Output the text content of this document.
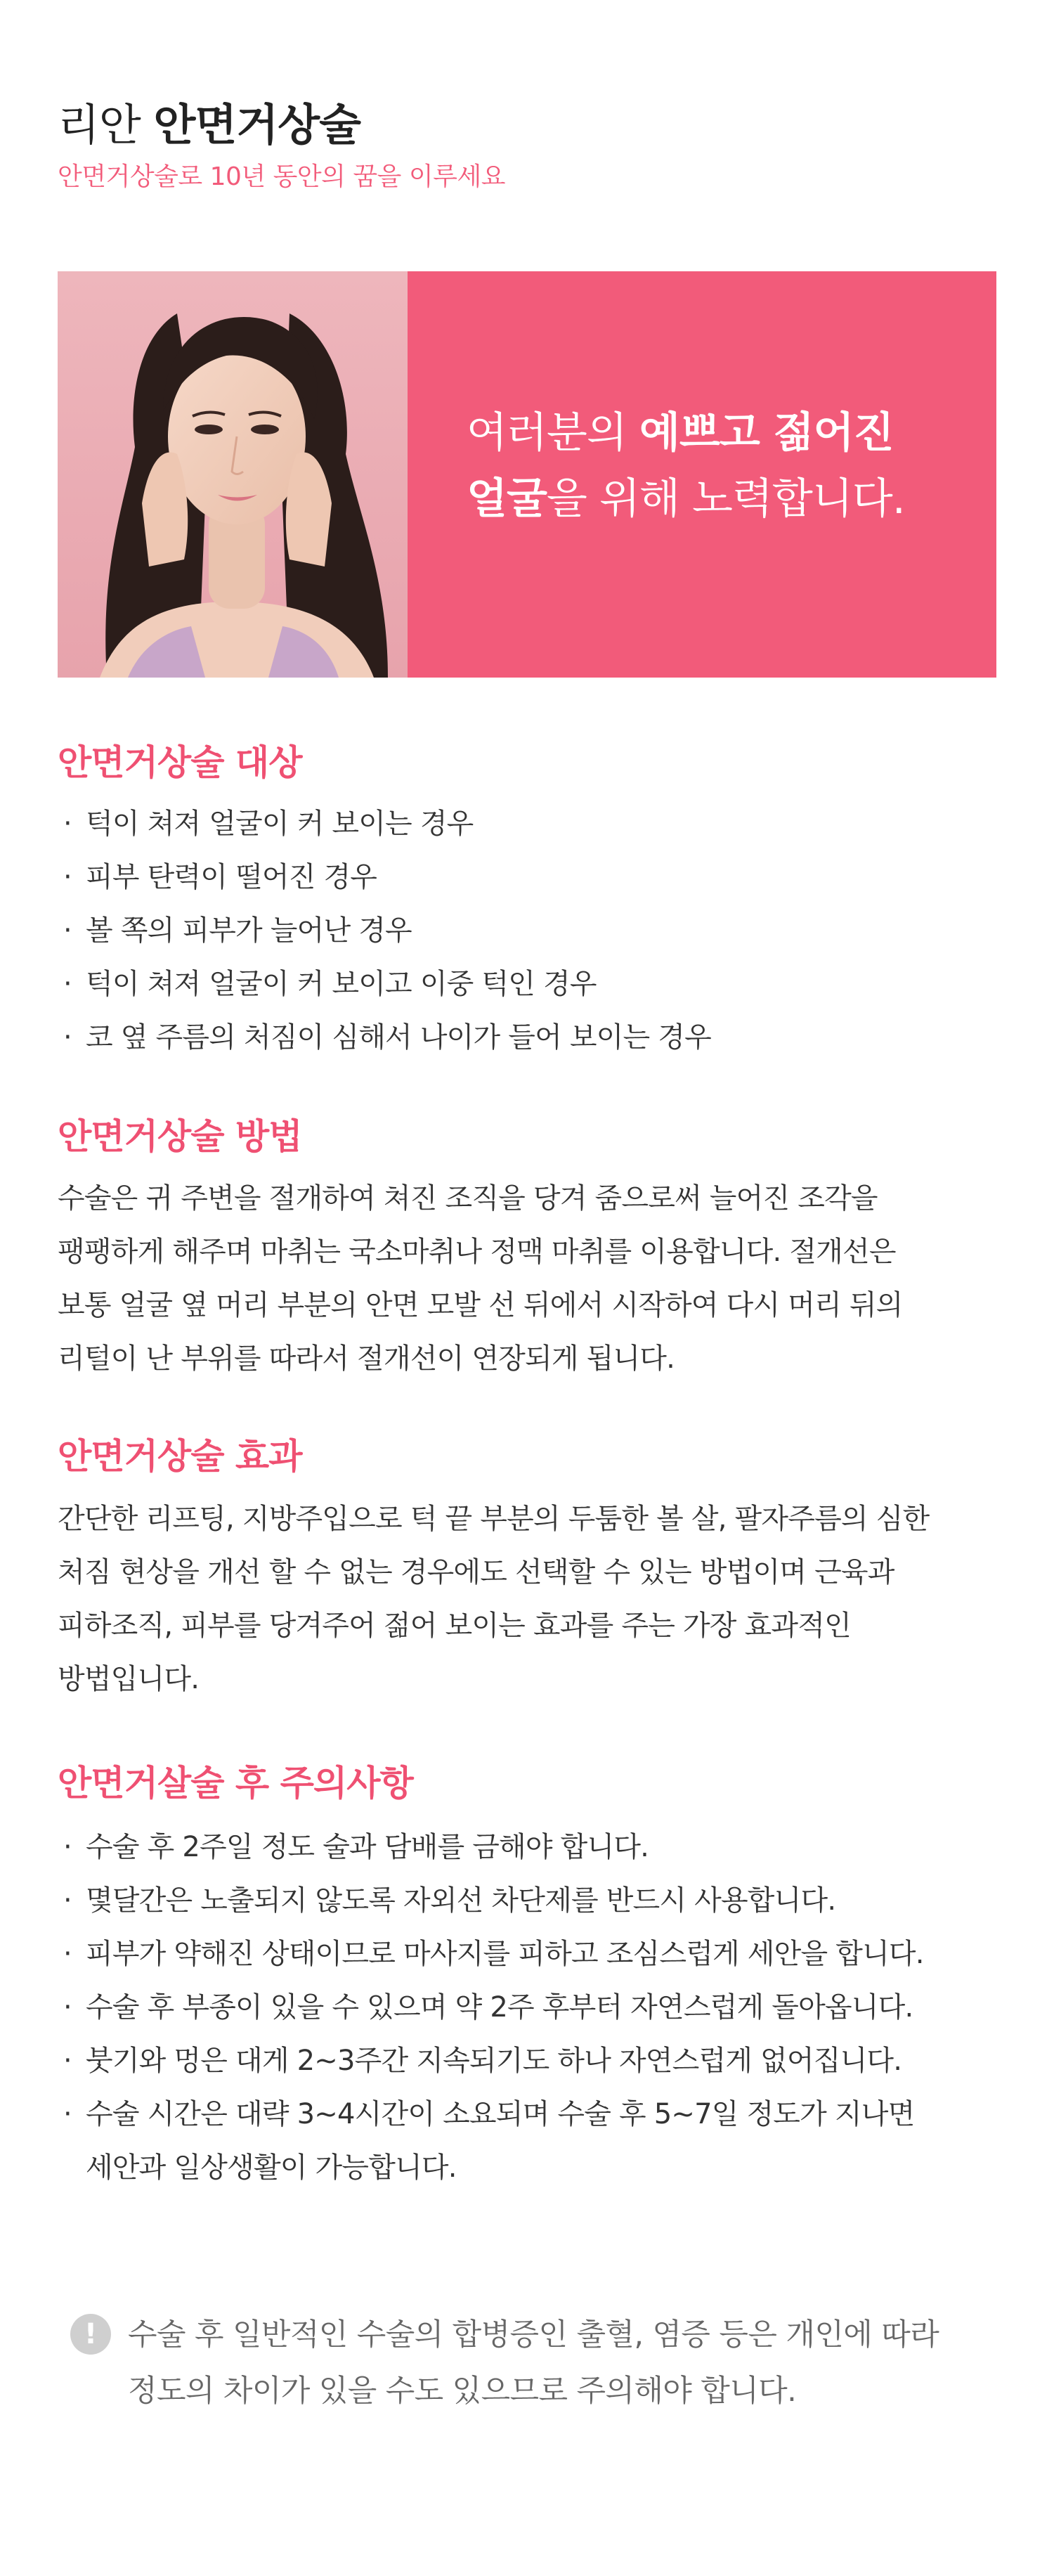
리안 안면거상술
안면거상술로 10년 동안의 꿈을 이루세요
여러분의 예쁘고 젊어진
얼굴을 위해 노력합니다.
안면거상술 대상
· 턱이 쳐져 얼굴이 커 보이는 경우
· 피부 탄력이 떨어진 경우
· 볼 쪽의 피부가 늘어난 경우
· 턱이 쳐져 얼굴이 커 보이고 이중 턱인 경우
· 코 옆 주름의 처짐이 심해서 나이가 들어 보이는 경우
안면거상술 방법
수술은 귀 주변을 절개하여 쳐진 조직을 당겨 줌으로써 늘어진 조각을
팽팽하게 해주며 마취는 국소마취나 정맥 마취를 이용합니다. 절개선은
보통 얼굴 옆 머리 부분의 안면 모발 선 뒤에서 시작하여 다시 머리 뒤의
리털이 난 부위를 따라서 절개선이 연장되게 됩니다.
안면거상술 효과
간단한 리프팅, 지방주입으로 턱 끝 부분의 두툼한 볼 살, 팔자주름의 심한
처짐 현상을 개선 할 수 없는 경우에도 선택할 수 있는 방법이며 근육과
피하조직, 피부를 당겨주어 젊어 보이는 효과를 주는 가장 효과적인
방법입니다.
안면거살술 후 주의사항
· 수술 후 2주일 정도 술과 담배를 금해야 합니다.
· 몇달간은 노출되지 않도록 자외선 차단제를 반드시 사용합니다.
· 피부가 약해진 상태이므로 마사지를 피하고 조심스럽게 세안을 합니다.
· 수술 후 부종이 있을 수 있으며 약 2주 후부터 자연스럽게 돌아옵니다.
· 붓기와 멍은 대게 2~3주간 지속되기도 하나 자연스럽게 없어집니다.
· 수술 시간은 대략 3~4시간이 소요되며 수술 후 5~7일 정도가 지나면
세안과 일상생활이 가능합니다.
!	수술 후 일반적인 수술의 합병증인 출혈, 염증 등은 개인에 따라
정도의 차이가 있을 수도 있으므로 주의해야 합니다.
